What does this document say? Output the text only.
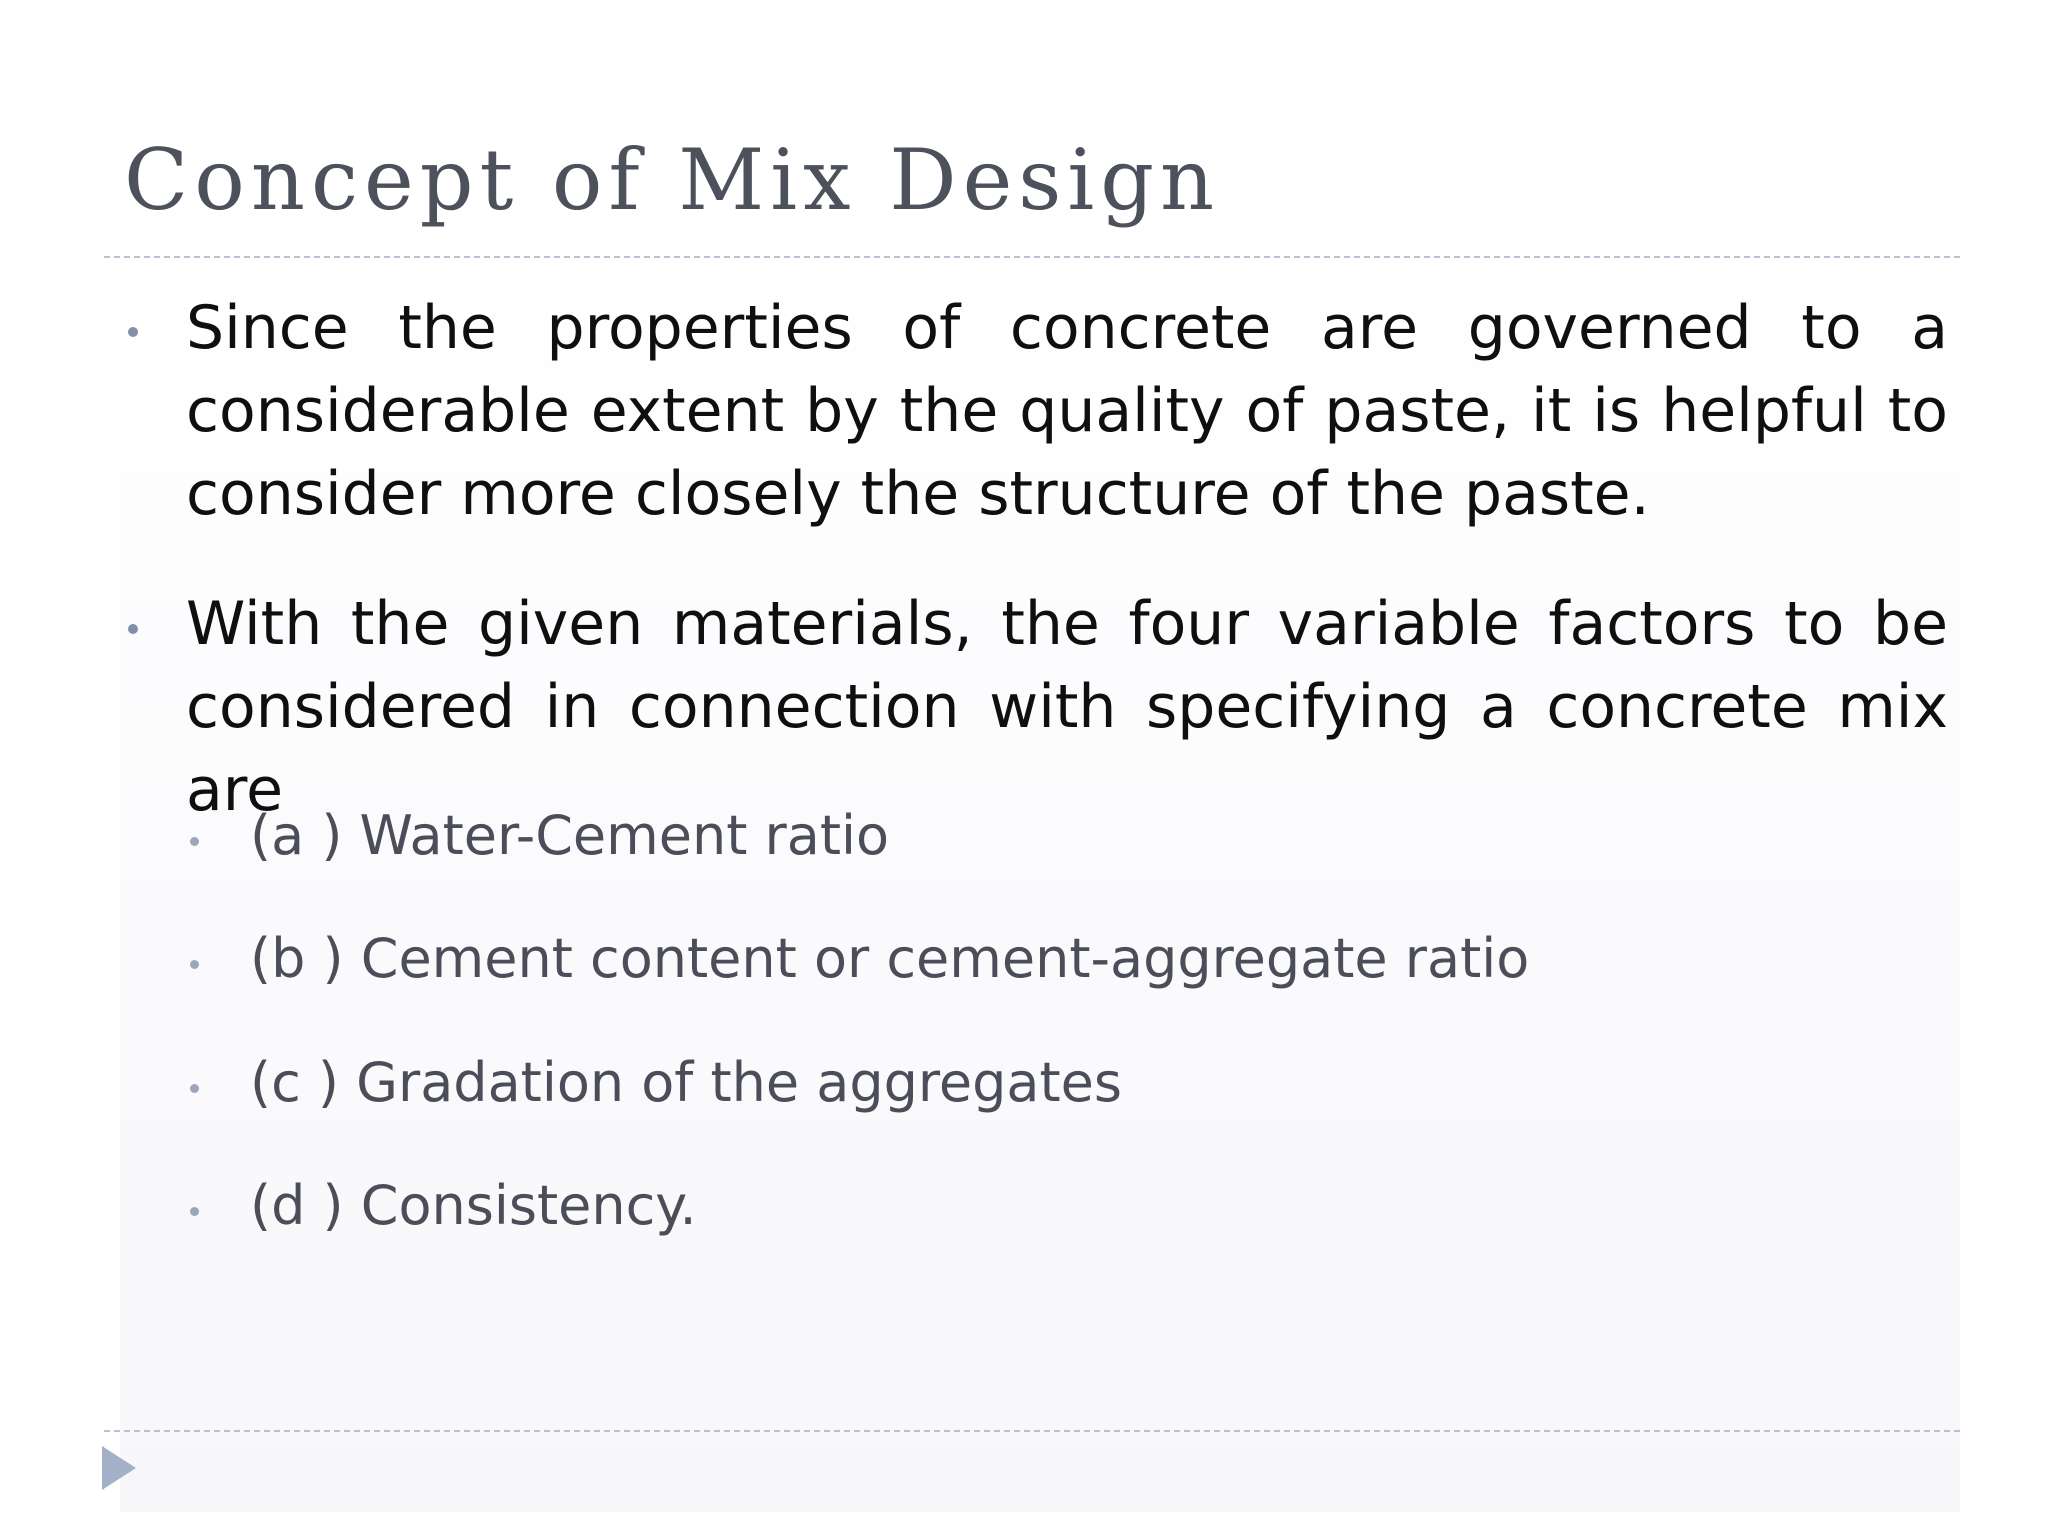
Concept of Mix Design

Since the properties of concrete are governed to a considerable extent by the quality of paste, it is helpful to consider more closely the structure of the paste.

With the given materials, the four variable factors to be considered in connection with specifying a concrete mix are

(a ) Water-Cement ratio
(b ) Cement content or cement-aggregate ratio
(c ) Gradation of the aggregates
(d ) Consistency.
